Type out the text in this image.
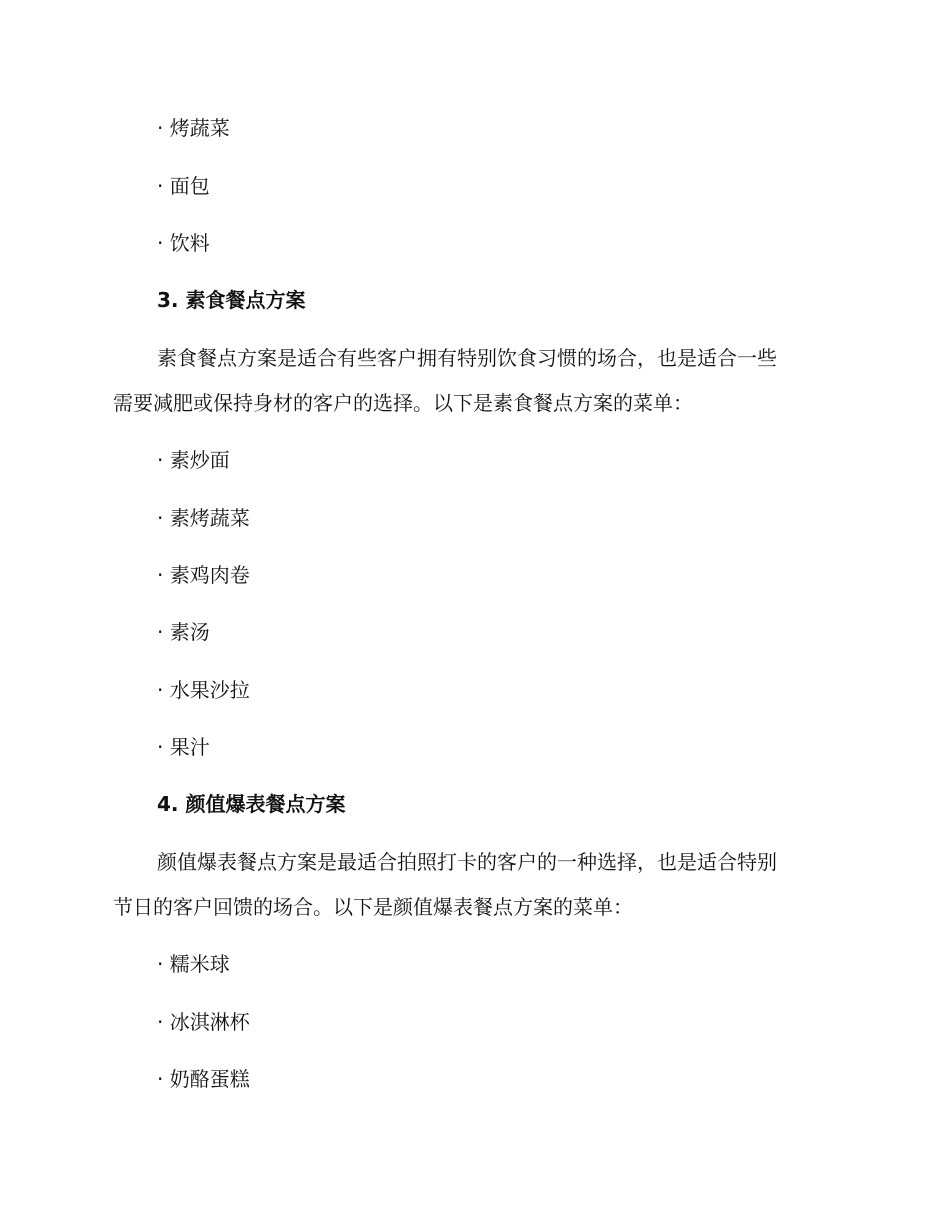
· 烤蔬菜
· 面包
· 饮料
3. 素食餐点方案
素食餐点方案是适合有些客户拥有特别饮食习惯的场合，也是适合一些
需要减肥或保持身材的客户的选择。以下是素食餐点方案的菜单：
· 素炒面
· 素烤蔬菜
· 素鸡肉卷
· 素汤
· 水果沙拉
· 果汁
4. 颜值爆表餐点方案
颜值爆表餐点方案是最适合拍照打卡的客户的一种选择，也是适合特别
节日的客户回馈的场合。以下是颜值爆表餐点方案的菜单：
· 糯米球
· 冰淇淋杯
· 奶酪蛋糕
